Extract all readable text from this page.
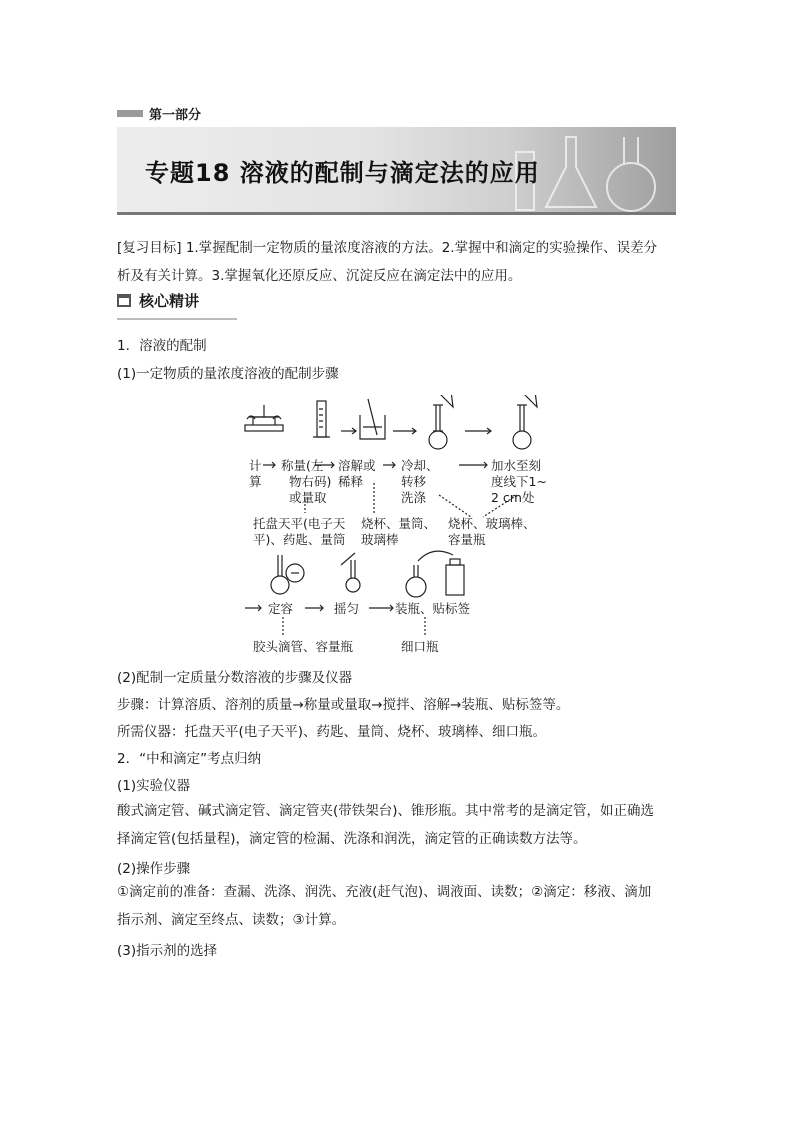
第一部分
专题18 溶液的配制与滴定法的应用
[复习目标] 1.掌握配制一定物质的量浓度溶液的方法。2.掌握中和滴定的实验操作、误差分
析及有关计算。3.掌握氧化还原反应、沉淀反应在滴定法中的应用。
核心精讲
1．溶液的配制
(1)一定物质的量浓度溶液的配制步骤
计
算
称量(左
物右码)
或量取
溶解或
稀释
冷却、
转移
洗涤
加水至刻
度线下1~
2 cm处
托盘天平(电子天
平)、药匙、量筒
烧杯、量筒、
玻璃棒
烧杯、玻璃棒、
容量瓶
定容	摇匀	装瓶、贴标签
胶头滴管、容量瓶	细口瓶
(2)配制一定质量分数溶液的步骤及仪器
步骤：计算溶质、溶剂的质量→称量或量取→搅拌、溶解→装瓶、贴标签等。
所需仪器：托盘天平(电子天平)、药匙、量筒、烧杯、玻璃棒、细口瓶。
2．“中和滴定”考点归纳
(1)实验仪器
酸式滴定管、碱式滴定管、滴定管夹(带铁架台)、锥形瓶。其中常考的是滴定管，如正确选
择滴定管(包括量程)，滴定管的检漏、洗涤和润洗，滴定管的正确读数方法等。
(2)操作步骤
①滴定前的准备：查漏、洗涤、润洗、充液(赶气泡)、调液面、读数；②滴定：移液、滴加
指示剂、滴定至终点、读数；③计算。
(3)指示剂的选择
